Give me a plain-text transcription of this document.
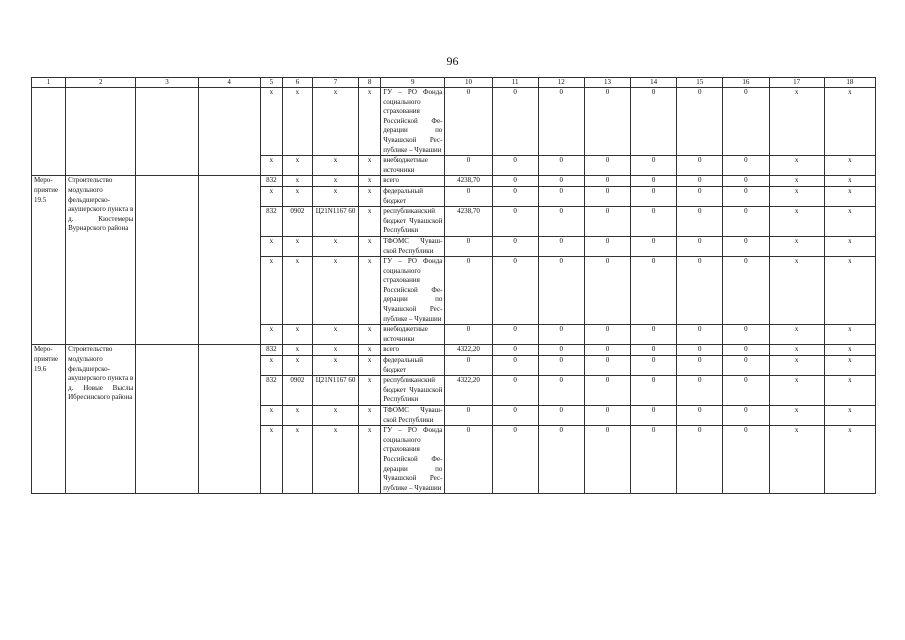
96
1	2	3	4	5	6	7	8	9	10	11	12	13	14	15	16	17	18
				x	x	x	x	ГУ – РО Фонда социального страхования Российской Федерации по Чувашской Республике – Чувашии	0	0	0	0	0	0	0	x	x
				x	x	x	x	внебюджетные источники	0	0	0	0	0	0	0	x	x
Мероприятие 19.5	Строительство модульного фельдшерско-акушерского пункта в д. Кюстемеры Вурнарского района			832	x	x	x	всего	4238,70	0	0	0	0	0	0	x	x
				x	x	x	x	федеральный бюджет	0	0	0	0	0	0	0	x	x
				832	0902	Ц21N1167 60	x	республиканский бюджет Чувашской Республики	4238,70	0	0	0	0	0	0	x	x
				x	x	x	x	ТФОМС Чувашской Республики	0	0	0	0	0	0	0	x	x
				x	x	x	x	ГУ – РО Фонда социального страхования Российской Федерации по Чувашской Республике – Чувашии	0	0	0	0	0	0	0	x	x
				x	x	x	x	внебюджетные источники	0	0	0	0	0	0	0	x	x
Мероприятие 19.6	Строительство модульного фельдшерско-акушерского пункта в д. Новые Выслы Ибресинского района			832	x	x	x	всего	4322,20	0	0	0	0	0	0	x	x
				x	x	x	x	федеральный бюджет	0	0	0	0	0	0	0	x	x
				832	0902	Ц21N1167 60	x	республиканский бюджет Чувашской Республики	4322,20	0	0	0	0	0	0	x	x
				x	x	x	x	ТФОМС Чувашской Республики	0	0	0	0	0	0	0	x	x
				x	x	x	x	ГУ – РО Фонда социального страхования Российской Федерации по Чувашской Республике – Чувашии	0	0	0	0	0	0	0	x	x
